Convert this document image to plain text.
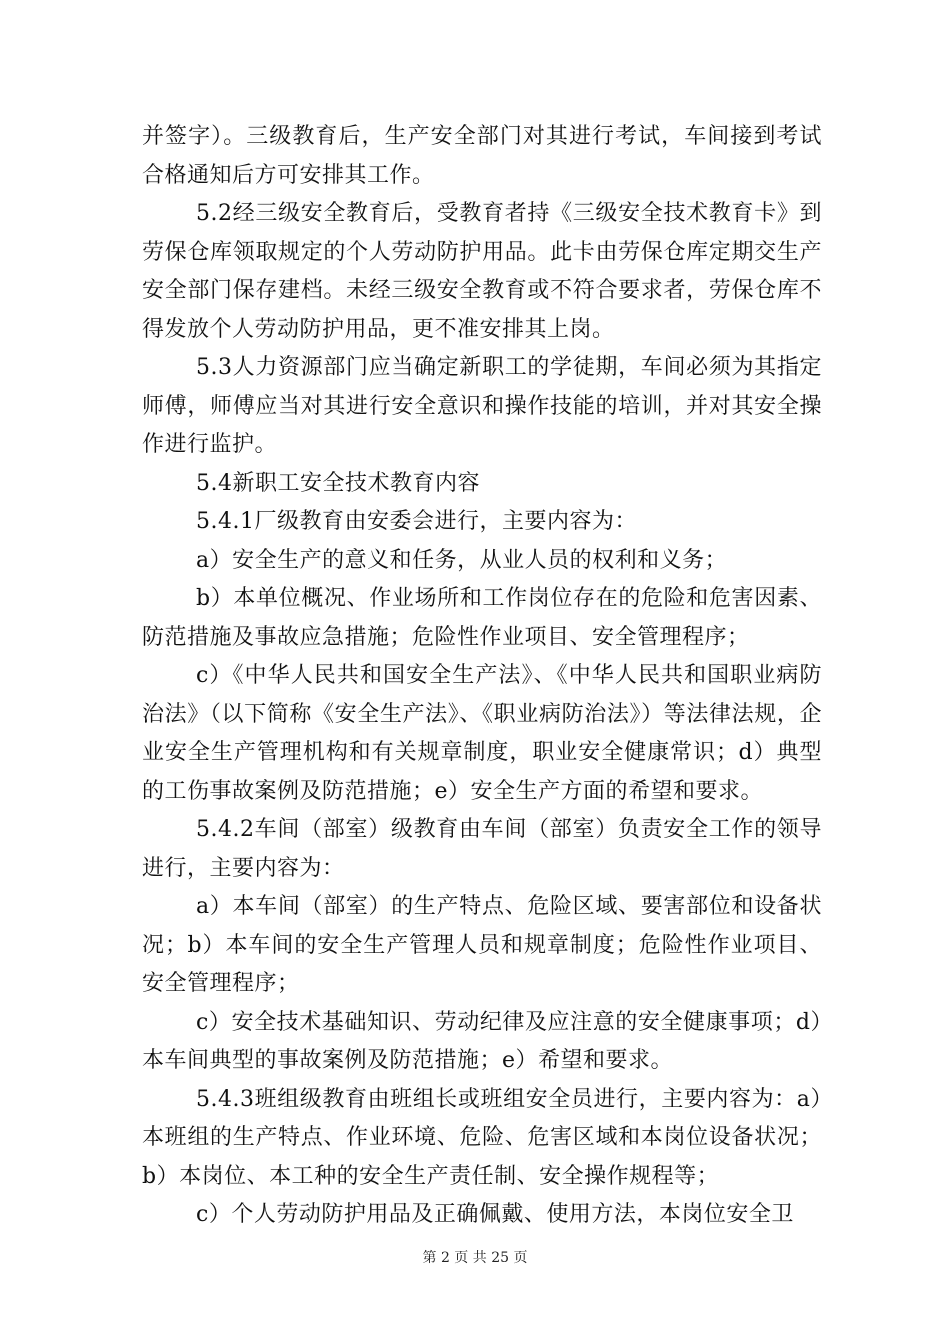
并签字）。三级教育后，生产安全部门对其进行考试，车间接到考试合格通知后方可安排其工作。

5.2经三级安全教育后，受教育者持《三级安全技术教育卡》到劳保仓库领取规定的个人劳动防护用品。此卡由劳保仓库定期交生产安全部门保存建档。未经三级安全教育或不符合要求者，劳保仓库不得发放个人劳动防护用品，更不准安排其上岗。

5.3人力资源部门应当确定新职工的学徒期，车间必须为其指定师傅，师傅应当对其进行安全意识和操作技能的培训，并对其安全操作进行监护。

5.4新职工安全技术教育内容

5.4.1厂级教育由安委会进行，主要内容为：

a）安全生产的意义和任务，从业人员的权利和义务；

b）本单位概况、作业场所和工作岗位存在的危险和危害因素、防范措施及事故应急措施；危险性作业项目、安全管理程序；

c）《中华人民共和国安全生产法》、《中华人民共和国职业病防治法》（以下简称《安全生产法》、《职业病防治法》）等法律法规，企业安全生产管理机构和有关规章制度，职业安全健康常识；d）典型的工伤事故案例及防范措施；e）安全生产方面的希望和要求。

5.4.2车间（部室）级教育由车间（部室）负责安全工作的领导进行，主要内容为：

a）本车间（部室）的生产特点、危险区域、要害部位和设备状况；b）本车间的安全生产管理人员和规章制度；危险性作业项目、安全管理程序；

c）安全技术基础知识、劳动纪律及应注意的安全健康事项；d）本车间典型的事故案例及防范措施；e）希望和要求。

5.4.3班组级教育由班组长或班组安全员进行，主要内容为：a）本班组的生产特点、作业环境、危险、危害区域和本岗位设备状况；b）本岗位、本工种的安全生产责任制、安全操作规程等；

c）个人劳动防护用品及正确佩戴、使用方法，本岗位安全卫

第 2 页 共 25 页
